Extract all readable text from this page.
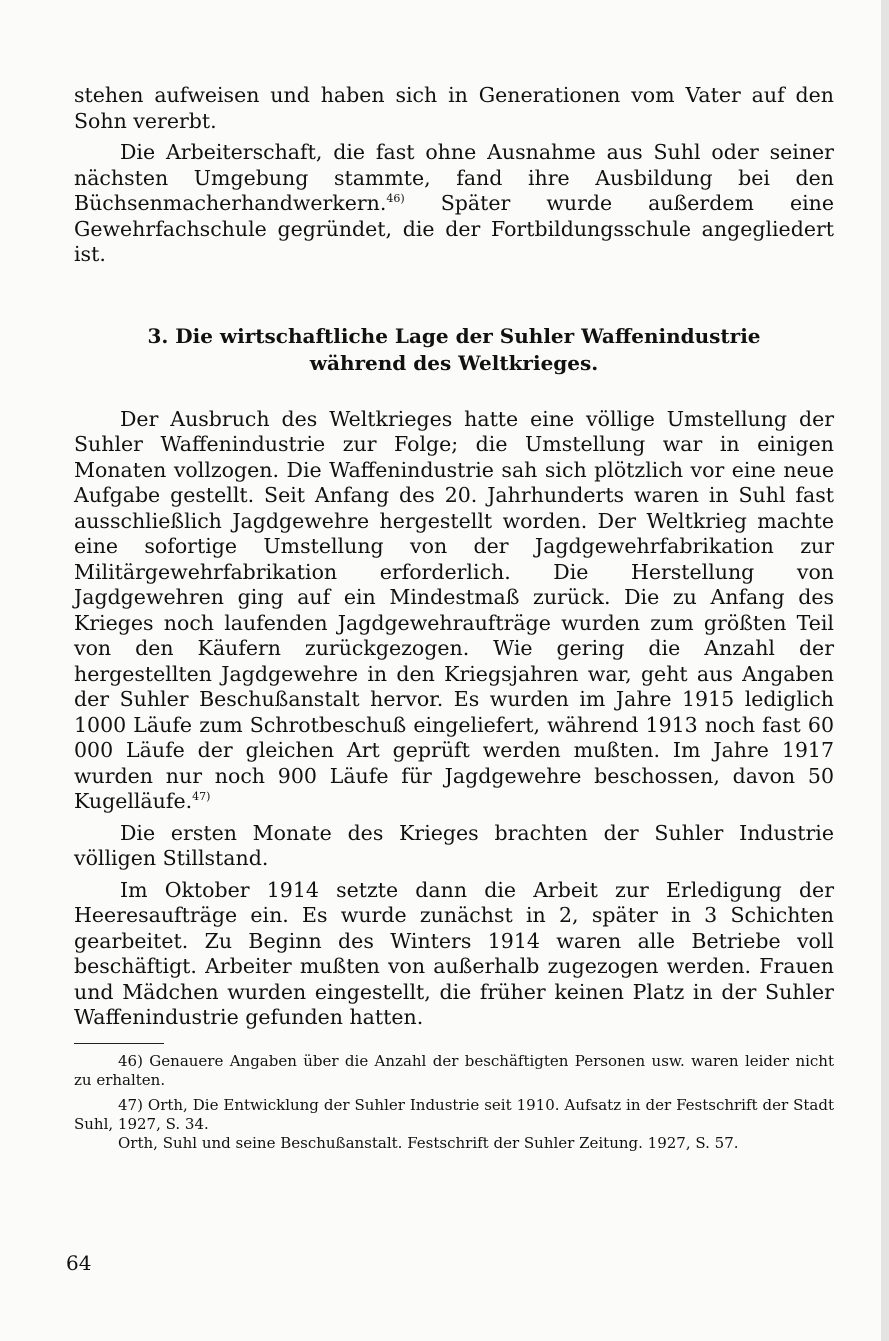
stehen aufweisen und haben sich in Generationen vom Vater auf den Sohn vererbt.

Die Arbeiterschaft, die fast ohne Ausnahme aus Suhl oder seiner nächsten Umgebung stammte, fand ihre Ausbildung bei den Büchsenmacherhandwerkern.$^{46)}$ Später wurde außerdem eine Gewehrfachschule gegründet, die der Fortbildungsschule angegliedert ist.

3. Die wirtschaftliche Lage der Suhler Waffenindustrie während des Weltkrieges.

Der Ausbruch des Weltkrieges hatte eine völlige Umstellung der Suhler Waffenindustrie zur Folge; die Umstellung war in einigen Monaten vollzogen. Die Waffenindustrie sah sich plötzlich vor eine neue Aufgabe gestellt. Seit Anfang des 20. Jahrhunderts waren in Suhl fast ausschließlich Jagdgewehre hergestellt worden. Der Weltkrieg machte eine sofortige Umstellung von der Jagdgewehrfabrikation zur Militärgewehrfabrikation erforderlich. Die Herstellung von Jagdgewehren ging auf ein Mindestmaß zurück. Die zu Anfang des Krieges noch laufenden Jagdgewehraufträge wurden zum größten Teil von den Käufern zurückgezogen. Wie gering die Anzahl der hergestellten Jagdgewehre in den Kriegsjahren war, geht aus Angaben der Suhler Beschußanstalt hervor. Es wurden im Jahre 1915 lediglich 1000 Läufe zum Schrotbeschuß eingeliefert, während 1913 noch fast 60 000 Läufe der gleichen Art geprüft werden mußten. Im Jahre 1917 wurden nur noch 900 Läufe für Jagdgewehre beschossen, davon 50 Kugelläufe.$^{47)}$

Die ersten Monate des Krieges brachten der Suhler Industrie völligen Stillstand.

Im Oktober 1914 setzte dann die Arbeit zur Erledigung der Heeresaufträge ein. Es wurde zunächst in 2, später in 3 Schichten gearbeitet. Zu Beginn des Winters 1914 waren alle Betriebe voll beschäftigt. Arbeiter mußten von außerhalb zugezogen werden. Frauen und Mädchen wurden eingestellt, die früher keinen Platz in der Suhler Waffenindustrie gefunden hatten.

46) Genauere Angaben über die Anzahl der beschäftigten Personen usw. waren leider nicht zu erhalten.

47) Orth, Die Entwicklung der Suhler Industrie seit 1910. Aufsatz in der Festschrift der Stadt Suhl, 1927, S. 34.

Orth, Suhl und seine Beschußanstalt. Festschrift der Suhler Zeitung. 1927, S. 57.

64
